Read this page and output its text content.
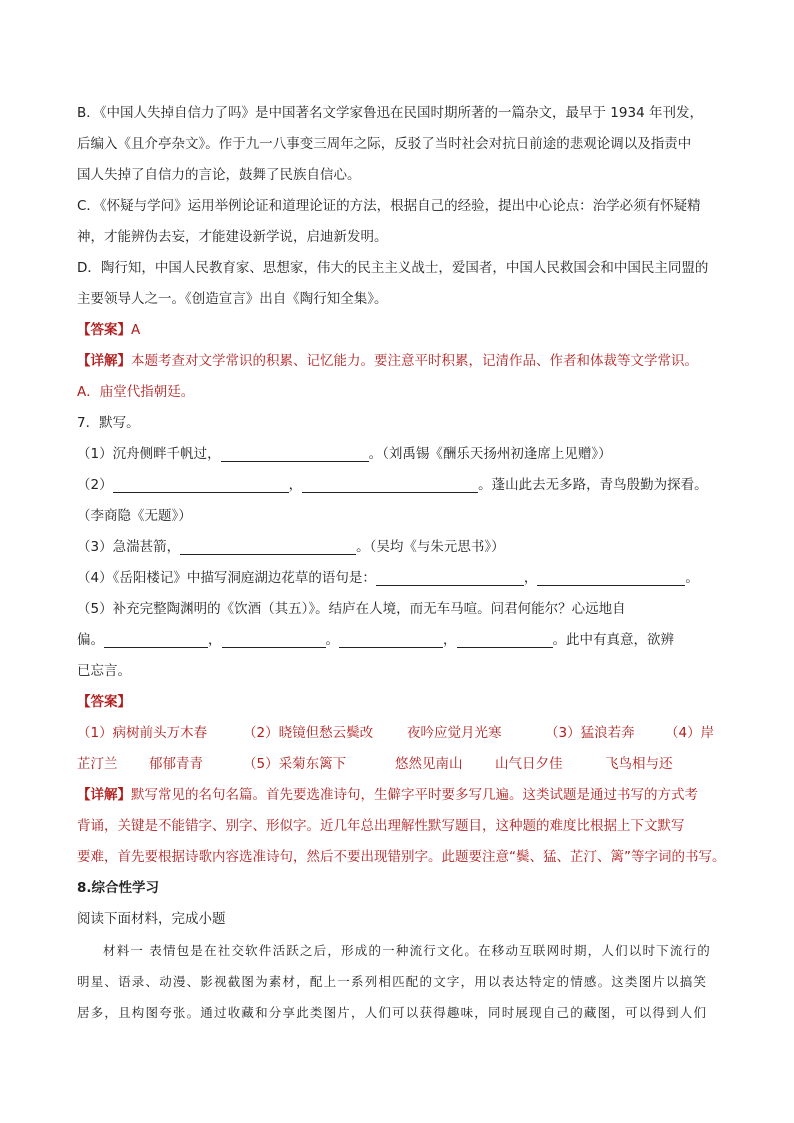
B．《中国人失掉自信力了吗》是中国著名文学家鲁迅在民国时期所著的一篇杂文，最早于 1934 年刊发，
后编入《且介亭杂文》。作于九一八事变三周年之际，反驳了当时社会对抗日前途的悲观论调以及指责中
国人失掉了自信力的言论，鼓舞了民族自信心。
C．《怀疑与学问》运用举例论证和道理论证的方法，根据自己的经验，提出中心论点：治学必须有怀疑精
神，才能辨伪去妄，才能建设新学说，启迪新发明。
D．陶行知，中国人民教育家、思想家，伟大的民主主义战士，爱国者，中国人民救国会和中国民主同盟的
主要领导人之一。《创造宣言》出自《陶行知全集》。
【答案】A
【详解】本题考查对文学常识的积累、记忆能力。要注意平时积累，记清作品、作者和体裁等文学常识。
A．庙堂代指朝廷。
7．默写。
（1）沉舟侧畔千帆过，	。（刘禹锡《酬乐天扬州初逢席上见赠》）
（2）	，	。蓬山此去无多路，青鸟殷勤为探看。
（李商隐《无题》）
（3）急湍甚箭，	。（吴均《与朱元思书》）
（4）《岳阳楼记》中描写洞庭湖边花草的语句是：	，	。
（5）补充完整陶渊明的《饮酒（其五）》。结庐在人境，而无车马喧。问君何能尔？心远地自
偏。	，	。	，	。此中有真意，欲辨
已忘言。
【答案】
（1）病树前头万木春	（2）晓镜但愁云鬓改	夜吟应觉月光寒	（3）猛浪若奔 （4）岸
芷汀兰 郁郁青青	（5）采菊东篱下	悠然见南山 山气日夕佳	飞鸟相与还
【详解】默写常见的名句名篇。首先要选准诗句，生僻字平时要多写几遍。这类试题是通过书写的方式考
背诵，关键是不能错字、别字、形似字。近几年总出理解性默写题目，这种题的难度比根据上下文默写
要难，首先要根据诗歌内容选准诗句，然后不要出现错别字。此题要注意“鬓、猛、芷汀、篱”等字词的书写。
8.综合性学习
阅读下面材料，完成小题
材料一 表情包是在社交软件活跃之后，形成的一种流行文化。在移动互联网时期，人们以时下流行的
明星、语录、动漫、影视截图为素材，配上一系列相匹配的文字，用以表达特定的情感。这类图片以搞笑
居多，且构图夸张。通过收藏和分享此类图片，人们可以获得趣味，同时展现自己的藏图，可以得到人们
